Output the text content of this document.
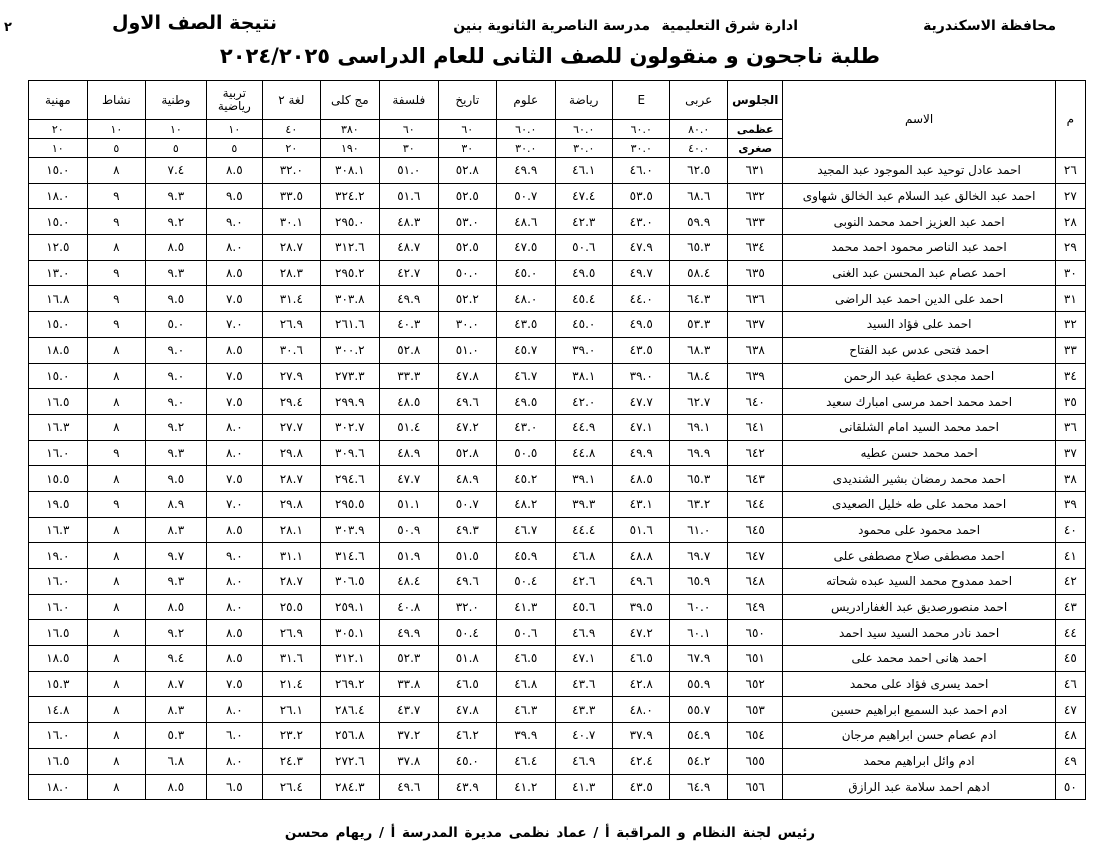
محافظة الاسكندرية
ادارة شرق التعليمية
مدرسة الناصرية الثانوية بنين
نتيجة الصف الاول
٢
طلبة ناجحون و منقولون للصف الثانى للعام الدراسى ٢٠٢٤/٢٠٢٥
م	الاسم	الجلوس	عربى	E	رياضة	علوم	تاريخ	فلسفة	مج كلى	لغة ٢	تربية رياضية	وطنية	نشاط	مهنية
		عظمى	٨٠.٠	٦٠.٠	٦٠.٠	٦٠.٠	٦٠	٦٠	٣٨٠	٤٠	١٠	١٠	١٠	٢٠
		صغرى	٤٠.٠	٣٠.٠	٣٠.٠	٣٠.٠	٣٠	٣٠	١٩٠	٢٠	٥	٥	٥	١٠
٢٦	احمد عادل توحيد عبد الموجود عبد المجيد	٦٣١	٦٢.٥	٤٦.٠	٤٦.١	٤٩.٩	٥٢.٨	٥١.٠	٣٠٨.١	٣٢.٠	٨.٥	٧.٤	٨	١٥.٠
٢٧	احمد عبد الخالق عبد السلام عبد الخالق شهاوى	٦٣٢	٦٨.٦	٥٣.٥	٤٧.٤	٥٠.٧	٥٢.٥	٥١.٦	٣٢٤.٢	٣٣.٥	٩.٥	٩.٣	٩	١٨.٠
٢٨	احمد عبد العزيز احمد محمد النوبى	٦٣٣	٥٩.٩	٤٣.٠	٤٢.٣	٤٨.٦	٥٣.٠	٤٨.٣	٢٩٥.٠	٣٠.١	٩.٠	٩.٢	٩	١٥.٠
٢٩	احمد عبد الناصر محمود احمد محمد	٦٣٤	٦٥.٣	٤٧.٩	٥٠.٦	٤٧.٥	٥٢.٥	٤٨.٧	٣١٢.٦	٢٨.٧	٨.٠	٨.٥	٨	١٢.٥
٣٠	احمد عصام عبد المحسن عبد الغنى	٦٣٥	٥٨.٤	٤٩.٧	٤٩.٥	٤٥.٠	٥٠.٠	٤٢.٧	٢٩٥.٢	٢٨.٣	٨.٥	٩.٣	٩	١٣.٠
٣١	احمد على الدين احمد عبد الراضى	٦٣٦	٦٤.٣	٤٤.٠	٤٥.٤	٤٨.٠	٥٢.٢	٤٩.٩	٣٠٣.٨	٣١.٤	٧.٥	٩.٥	٩	١٦.٨
٣٢	احمد على فؤاد السيد	٦٣٧	٥٣.٣	٤٩.٥	٤٥.٠	٤٣.٥	٣٠.٠	٤٠.٣	٢٦١.٦	٢٦.٩	٧.٠	٥.٠	٩	١٥.٠
٣٣	احمد فتحى عدس عبد الفتاح	٦٣٨	٦٨.٣	٤٣.٥	٣٩.٠	٤٥.٧	٥١.٠	٥٢.٨	٣٠٠.٢	٣٠.٦	٨.٥	٩.٠	٨	١٨.٥
٣٤	احمد مجدى عطية عبد الرحمن	٦٣٩	٦٨.٤	٣٩.٠	٣٨.١	٤٦.٧	٤٧.٨	٣٣.٣	٢٧٣.٣	٢٧.٩	٧.٥	٩.٠	٨	١٥.٠
٣٥	احمد محمد احمد مرسى امبارك سعيد	٦٤٠	٦٢.٧	٤٧.٧	٤٢.٠	٤٩.٥	٤٩.٦	٤٨.٥	٢٩٩.٩	٢٩.٤	٧.٥	٩.٠	٨	١٦.٥
٣٦	احمد محمد السيد امام الشلقانى	٦٤١	٦٩.١	٤٧.١	٤٤.٩	٤٣.٠	٤٧.٢	٥١.٤	٣٠٢.٧	٢٧.٧	٨.٠	٩.٢	٨	١٦.٣
٣٧	احمد محمد حسن عطيه	٦٤٢	٦٩.٩	٤٩.٩	٤٤.٨	٥٠.٥	٥٢.٨	٤٨.٩	٣٠٩.٦	٢٩.٨	٨.٠	٩.٣	٩	١٦.٠
٣٨	احمد محمد رمضان بشير الشنديدى	٦٤٣	٦٥.٣	٤٨.٥	٣٩.١	٤٥.٢	٤٨.٩	٤٧.٧	٢٩٤.٦	٢٨.٧	٧.٥	٩.٥	٨	١٥.٥
٣٩	احمد محمد على طه خليل الصعيدى	٦٤٤	٦٣.٢	٤٣.١	٣٩.٣	٤٨.٢	٥٠.٧	٥١.١	٢٩٥.٥	٢٩.٨	٧.٠	٨.٩	٩	١٩.٥
٤٠	احمد محمود على محمود	٦٤٥	٦١.٠	٥١.٦	٤٤.٤	٤٦.٧	٤٩.٣	٥٠.٩	٣٠٣.٩	٢٨.١	٨.٥	٨.٣	٨	١٦.٣
٤١	احمد مصطفى صلاح مصطفى على	٦٤٧	٦٩.٧	٤٨.٨	٤٦.٨	٤٥.٩	٥١.٥	٥١.٩	٣١٤.٦	٣١.١	٩.٠	٩.٧	٨	١٩.٠
٤٢	احمد ممدوح محمد السيد عبده شحاته	٦٤٨	٦٥.٩	٤٩.٦	٤٢.٦	٥٠.٤	٤٩.٦	٤٨.٤	٣٠٦.٥	٢٨.٧	٨.٠	٩.٣	٨	١٦.٠
٤٣	احمد منصورصديق عبد الغفارادريس	٦٤٩	٦٠.٠	٣٩.٥	٤٥.٦	٤١.٣	٣٢.٠	٤٠.٨	٢٥٩.١	٢٥.٥	٨.٠	٨.٥	٨	١٦.٠
٤٤	احمد نادر محمد السيد سيد احمد	٦٥٠	٦٠.١	٤٧.٢	٤٦.٩	٥٠.٦	٥٠.٤	٤٩.٩	٣٠٥.١	٢٦.٩	٨.٥	٩.٢	٨	١٦.٥
٤٥	احمد هانى احمد محمد على	٦٥١	٦٧.٩	٤٦.٥	٤٧.١	٤٦.٥	٥١.٨	٥٢.٣	٣١٢.١	٣١.٦	٨.٥	٩.٤	٨	١٨.٥
٤٦	احمد يسرى فؤاد على محمد	٦٥٢	٥٥.٩	٤٢.٨	٤٣.٦	٤٦.٨	٤٦.٥	٣٣.٨	٢٦٩.٢	٢١.٤	٧.٥	٨.٧	٨	١٥.٣
٤٧	ادم احمد عبد السميع ابراهيم حسين	٦٥٣	٥٥.٧	٤٨.٠	٤٣.٣	٤٦.٣	٤٧.٨	٤٣.٧	٢٨٦.٤	٢٦.١	٨.٠	٨.٣	٨	١٤.٨
٤٨	ادم عصام حسن ابراهيم مرجان	٦٥٤	٥٤.٩	٣٧.٩	٤٠.٧	٣٩.٩	٤٦.٢	٣٧.٢	٢٥٦.٨	٢٣.٢	٦.٠	٥.٣	٨	١٦.٠
٤٩	ادم وائل ابراهيم محمد	٦٥٥	٥٤.٢	٤٢.٤	٤٦.٩	٤٦.٤	٤٥.٠	٣٧.٨	٢٧٢.٦	٢٤.٣	٨.٠	٦.٨	٨	١٦.٥
٥٠	ادهم احمد سلامة عبد الرازق	٦٥٦	٦٤.٩	٤٣.٥	٤١.٣	٤١.٢	٤٣.٩	٤٩.٦	٢٨٤.٣	٢٦.٤	٦.٥	٨.٥	٨	١٨.٠
رئيس لجنة النظام و المراقبة أ / عماد نظمى مديرة المدرسة أ / ريهام محسن
